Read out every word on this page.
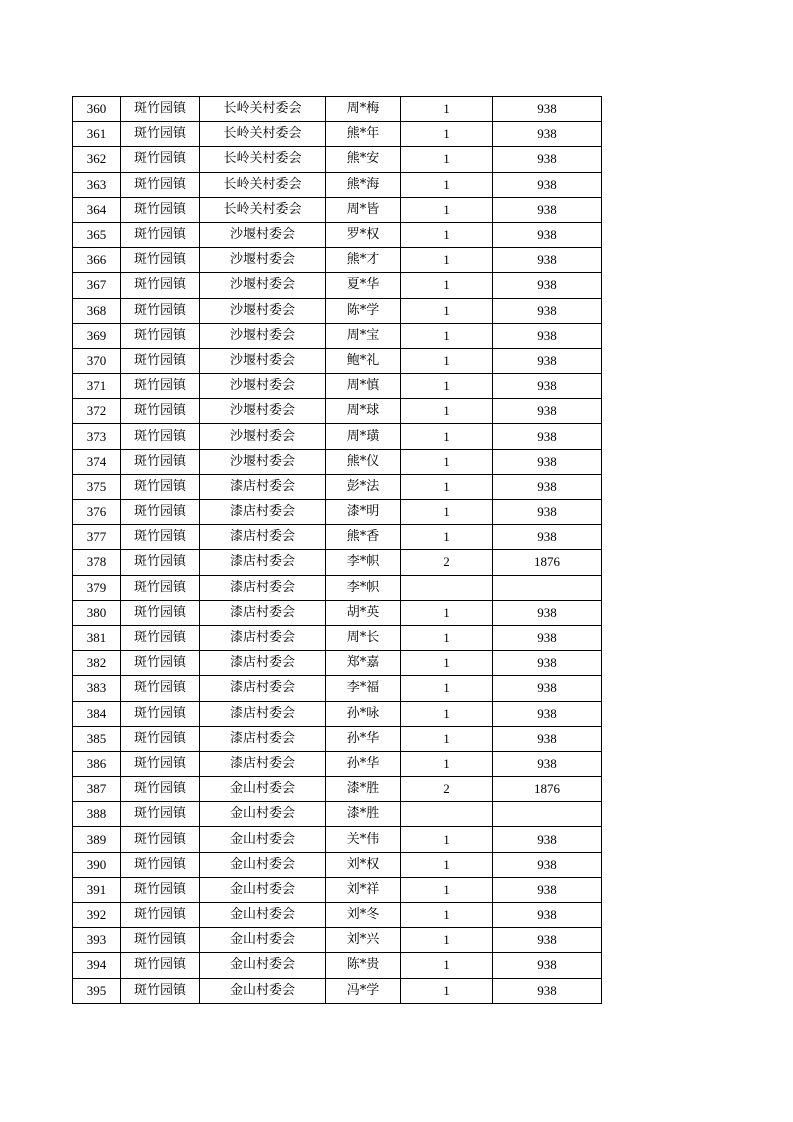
360	斑竹园镇	长岭关村委会	周*梅	1	938
361	斑竹园镇	长岭关村委会	熊*年	1	938
362	斑竹园镇	长岭关村委会	熊*安	1	938
363	斑竹园镇	长岭关村委会	熊*海	1	938
364	斑竹园镇	长岭关村委会	周*皆	1	938
365	斑竹园镇	沙堰村委会	罗*权	1	938
366	斑竹园镇	沙堰村委会	熊*才	1	938
367	斑竹园镇	沙堰村委会	夏*华	1	938
368	斑竹园镇	沙堰村委会	陈*学	1	938
369	斑竹园镇	沙堰村委会	周*宝	1	938
370	斑竹园镇	沙堰村委会	鲍*礼	1	938
371	斑竹园镇	沙堰村委会	周*慎	1	938
372	斑竹园镇	沙堰村委会	周*球	1	938
373	斑竹园镇	沙堰村委会	周*璜	1	938
374	斑竹园镇	沙堰村委会	熊*仪	1	938
375	斑竹园镇	漆店村委会	彭*法	1	938
376	斑竹园镇	漆店村委会	漆*明	1	938
377	斑竹园镇	漆店村委会	熊*香	1	938
378	斑竹园镇	漆店村委会	李*帜	2	1876
379	斑竹园镇	漆店村委会	李*帜		
380	斑竹园镇	漆店村委会	胡*英	1	938
381	斑竹园镇	漆店村委会	周*长	1	938
382	斑竹园镇	漆店村委会	郑*嘉	1	938
383	斑竹园镇	漆店村委会	李*福	1	938
384	斑竹园镇	漆店村委会	孙*咏	1	938
385	斑竹园镇	漆店村委会	孙*华	1	938
386	斑竹园镇	漆店村委会	孙*华	1	938
387	斑竹园镇	金山村委会	漆*胜	2	1876
388	斑竹园镇	金山村委会	漆*胜		
389	斑竹园镇	金山村委会	关*伟	1	938
390	斑竹园镇	金山村委会	刘*权	1	938
391	斑竹园镇	金山村委会	刘*祥	1	938
392	斑竹园镇	金山村委会	刘*冬	1	938
393	斑竹园镇	金山村委会	刘*兴	1	938
394	斑竹园镇	金山村委会	陈*贵	1	938
395	斑竹园镇	金山村委会	冯*学	1	938
